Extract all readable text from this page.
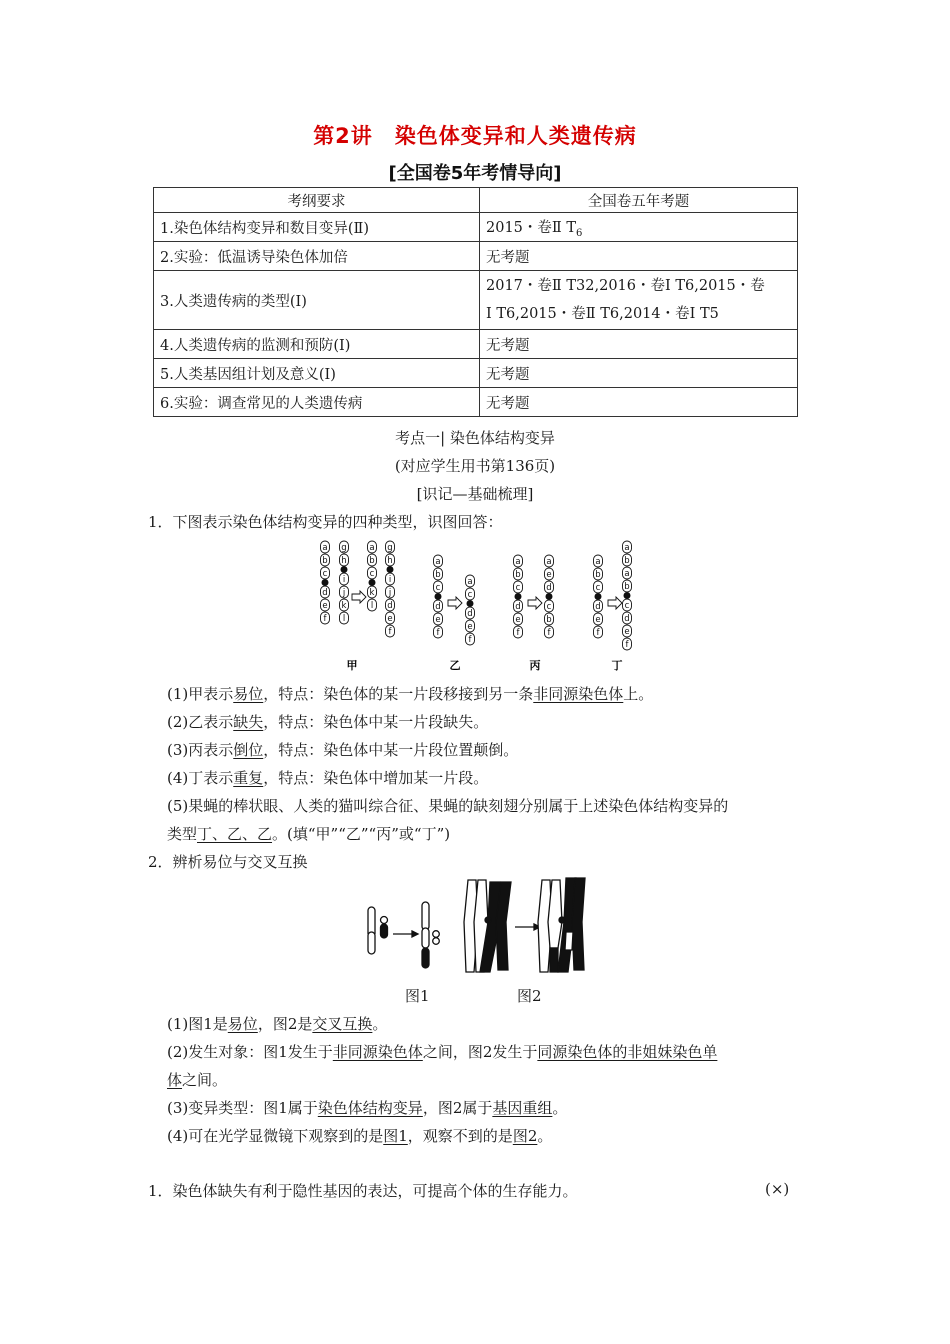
第2讲　染色体变异和人类遗传病
[全国卷5年考情导向]
考纲要求	全国卷五年考题
1.染色体结构变异和数目变异(Ⅱ)	2015・卷Ⅱ $T_6$
2.实验：低温诱导染色体加倍	无考题
3.人类遗传病的类型(Ⅰ)	2017・卷Ⅱ T32,2016・卷Ⅰ T6,2015・卷
Ⅰ T6,2015・卷Ⅱ T6,2014・卷Ⅰ T5

4.人类遗传病的监测和预防(Ⅰ)	无考题
5.人类基因组计划及意义(Ⅰ)	无考题
6.实验：调查常见的人类遗传病	无考题
考点一| 染色体结构变异
(对应学生用书第136页)
[识记—基础梳理]
1．下图表示染色体结构变异的四种类型，识图回答：
a
b
c
d
e
f
g
h
i
j
k
l
a
b
c
k
l
g
h
i
j
d
e
f
a
b
c
d
e
f
a
c
d
e
f
a
b
c
d
e
f
a
e
d
c
b
f
a
b
c
d
e
f
a
b
a
b
c
d
e
f
甲	乙	丙	丁
(1)甲表示易位，特点：染色体的某一片段移接到另一条非同源染色体上。
(2)乙表示缺失，特点：染色体中某一片段缺失。
(3)丙表示倒位，特点：染色体中某一片段位置颠倒。
(4)丁表示重复，特点：染色体中增加某一片段。
(5)果蝇的棒状眼、人类的猫叫综合征、果蝇的缺刻翅分别属于上述染色体结构变异的
类型丁、乙、乙。(填“甲”“乙”“丙”或“丁”)
2．辨析易位与交叉互换
图1	图2
(1)图1是易位，图2是交叉互换。
(2)发生对象：图1发生于非同源染色体之间，图2发生于同源染色体的非姐妹染色单
体之间。
(3)变异类型：图1属于染色体结构变异，图2属于基因重组。
(4)可在光学显微镜下观察到的是图1，观察不到的是图2。
1．染色体缺失有利于隐性基因的表达，可提高个体的生存能力。	(×)
